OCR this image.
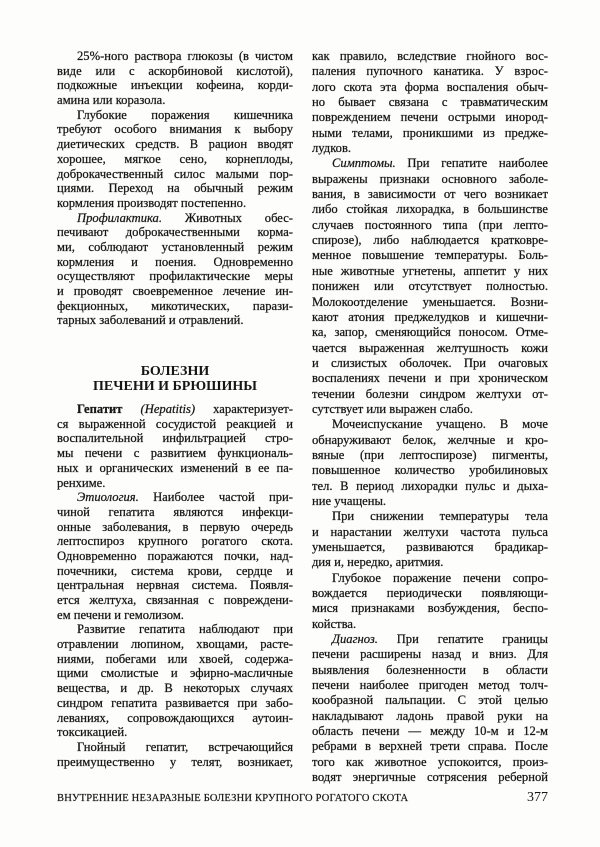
25%-ного раствора глюкозы (в чистом
виде или с аскорбиновой кислотой),
подкожные инъекции кофеина, корди-
амина или коразола.
Глубокие поражения кишечника
требуют особого внимания к выбору
диетических средств. В рацион вводят
хорошее, мягкое сено, корнеплоды,
доброкачественный силос малыми пор-
циями. Переход на обычный режим
кормления производят постепенно.
Профилактика. Животных обес-
печивают доброкачественными корма-
ми, соблюдают установленный режим
кормления и поения. Одновременно
осуществляют профилактические меры
и проводят своевременное лечение ин-
фекционных, микотических, парази-
тарных заболеваний и отравлений.
БОЛЕЗНИ
ПЕЧЕНИ И БРЮШИНЫ
Гепатит (Hepatitis) характеризует-
ся выраженной сосудистой реакцией и
воспалительной инфильтрацией стро-
мы печени с развитием функциональ-
ных и органических изменений в ее па-
ренхиме.
Этиология. Наиболее частой при-
чиной гепатита являются инфекци-
онные заболевания, в первую очередь
лептоспироз крупного рогатого скота.
Одновременно поражаются почки, над-
почечники, система крови, сердце и
центральная нервная система. Появля-
ется желтуха, связанная с повреждени-
ем печени и гемолизом.
Развитие гепатита наблюдают при
отравлении люпином, хвощами, расте-
ниями, побегами или хвоей, содержа-
щими смолистые и эфирно-масличные
вещества, и др. В некоторых случаях
синдром гепатита развивается при забо-
леваниях, сопровождающихся аутоин-
токсикацией.
Гнойный гепатит, встречающийся
преимущественно у телят, возникает,
как правило, вследствие гнойного вос-
паления пупочного канатика. У взрос-
лого скота эта форма воспаления обыч-
но бывает связана с травматическим
повреждением печени острыми инород-
ными телами, проникшими из предже-
лудков.
Симптомы. При гепатите наиболее
выражены признаки основного заболе-
вания, в зависимости от чего возникает
либо стойкая лихорадка, в большинстве
случаев постоянного типа (при лепто-
спирозе), либо наблюдается кратковре-
менное повышение температуры. Боль-
ные животные угнетены, аппетит у них
понижен или отсутствует полностью.
Молокоотделение уменьшается. Возни-
кают атония преджелудков и кишечни-
ка, запор, сменяющийся поносом. Отме-
чается выраженная желтушность кожи
и слизистых оболочек. При очаговых
воспалениях печени и при хроническом
течении болезни синдром желтухи от-
сутствует или выражен слабо.
Мочеиспускание учащено. В моче
обнаруживают белок, желчные и кро-
вяные (при лептоспирозе) пигменты,
повышенное количество уробилиновых
тел. В период лихорадки пульс и дыха-
ние учащены.
При снижении температуры тела
и нарастании желтухи частота пульса
уменьшается, развиваются брадикар-
дия и, нередко, аритмия.
Глубокое поражение печени сопро-
вождается периодически появляющи-
мися признаками возбуждения, беспо-
койства.
Диагноз. При гепатите границы
печени расширены назад и вниз. Для
выявления болезненности в области
печени наиболее пригоден метод толч-
кообразной пальпации. С этой целью
накладывают ладонь правой руки на
область печени — между 10-м и 12-м
ребрами в верхней трети справа. После
того как животное успокоится, произ-
водят энергичные сотрясения реберной
ВНУТРЕННИЕ НЕЗАРАЗНЫЕ БОЛЕЗНИ КРУПНОГО РОГАТОГО СКОТА	377
